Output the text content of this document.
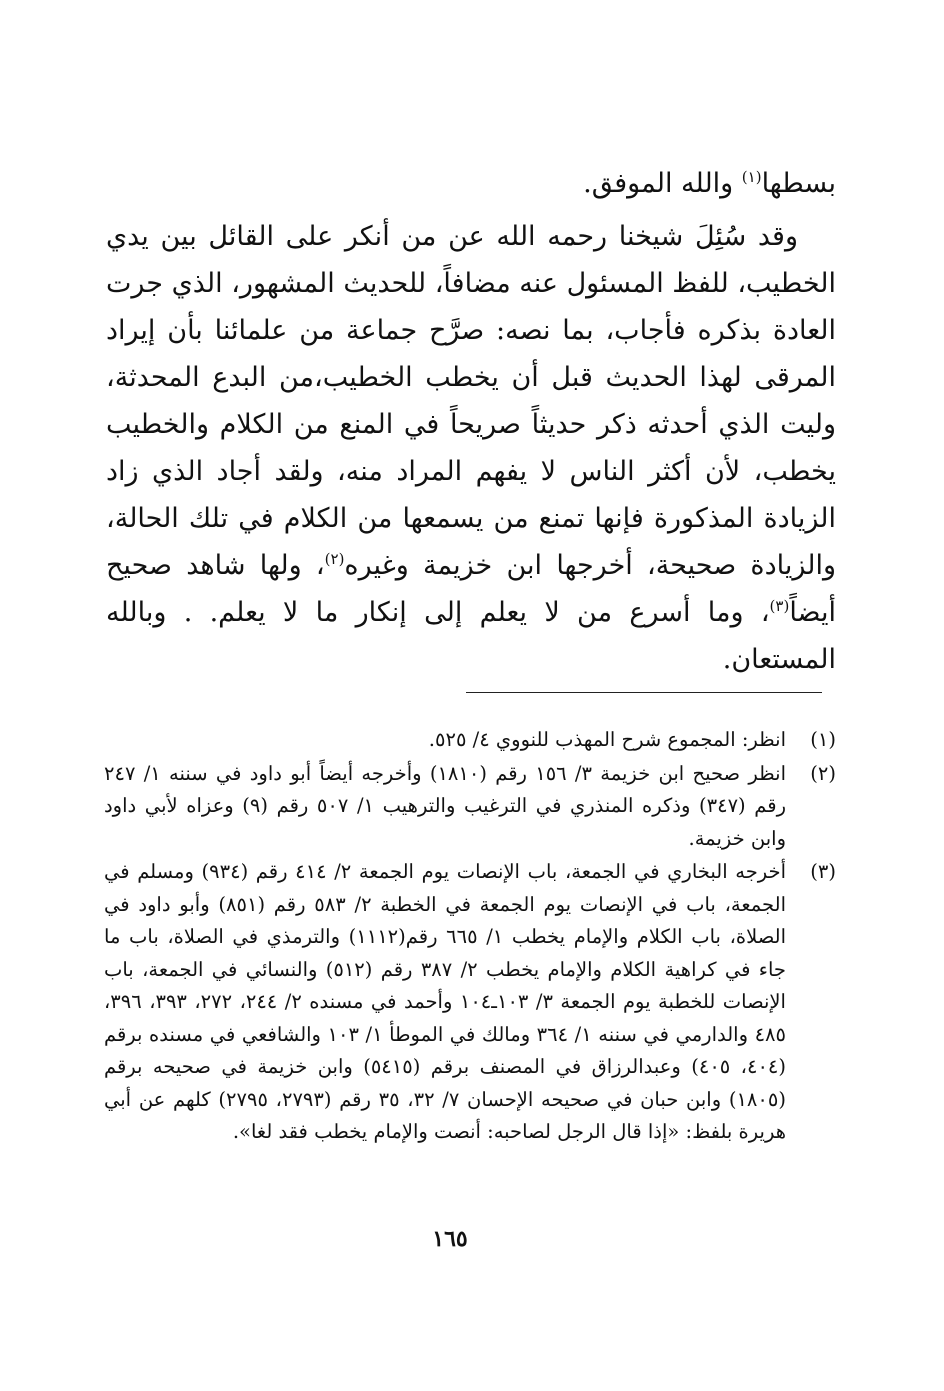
بسطها$^{(١)}$ والله الموفق.

وقد سُئِلَ شيخنا رحمه الله عن من أنكر على القائل بين يدي الخطيب، للفظ المسئول عنه مضافاً، للحديث المشهور، الذي جرت العادة بذكره فأجاب، بما نصه: صرَّح جماعة من علمائنا بأن إيراد المرقى لهذا الحديث قبل أن يخطب الخطيب،من البدع المحدثة، وليت الذي أحدثه ذكر حديثاً صريحاً في المنع من الكلام والخطيب يخطب، لأن أكثر الناس لا يفهم المراد منه، ولقد أجاد الذي زاد الزيادة المذكورة فإنها تمنع من يسمعها من الكلام في تلك الحالة، والزيادة صحيحة، أخرجها ابن خزيمة وغيره$^{(٢)}$، ولها شاهد صحيح أيضاً$^{(٣)}$، وما أسرع من لا يعلم إلى إنكار ما لا يعلم. . وبالله المستعان.

(١)
انظر: المجموع شرح المهذب للنووي ٤/ ٥٢٥.
(٢)
انظر صحيح ابن خزيمة ٣/ ١٥٦ رقم (١٨١٠) وأخرجه أيضاً أبو داود في سننه ١/ ٢٤٧ رقم (٣٤٧) وذكره المنذري في الترغيب والترهيب ١/ ٥٠٧ رقم (٩) وعزاه لأبي داود وابن خزيمة.
(٣)
أخرجه البخاري في الجمعة، باب الإنصات يوم الجمعة ٢/ ٤١٤ رقم (٩٣٤) ومسلم في الجمعة، باب في الإنصات يوم الجمعة في الخطبة ٢/ ٥٨٣ رقم (٨٥١) وأبو داود في الصلاة، باب الكلام والإمام يخطب ١/ ٦٦٥ رقم(١١١٢) والترمذي في الصلاة، باب ما جاء في كراهية الكلام والإمام يخطب ٢/ ٣٨٧ رقم (٥١٢) والنسائي في الجمعة، باب الإنصات للخطبة يوم الجمعة ٣/ ١٠٣ـ١٠٤ وأحمد في مسنده ٢/ ٢٤٤، ٢٧٢، ٣٩٣، ٣٩٦، ٤٨٥ والدارمي في سننه ١/ ٣٦٤ ومالك في الموطأ ١/ ١٠٣ والشافعي في مسنده برقم (٤٠٤، ٤٠٥) وعبدالرزاق في المصنف برقم (٥٤١٥) وابن خزيمة في صحيحه برقم (١٨٠٥) وابن حبان في صحيحه الإحسان ٧/ ٣٢، ٣٥ رقم (٢٧٩٣، ٢٧٩٥) كلهم عن أبي هريرة بلفظ: «إذا قال الرجل لصاحبه: أنصت والإمام يخطب فقد لغا».
١٦٥
